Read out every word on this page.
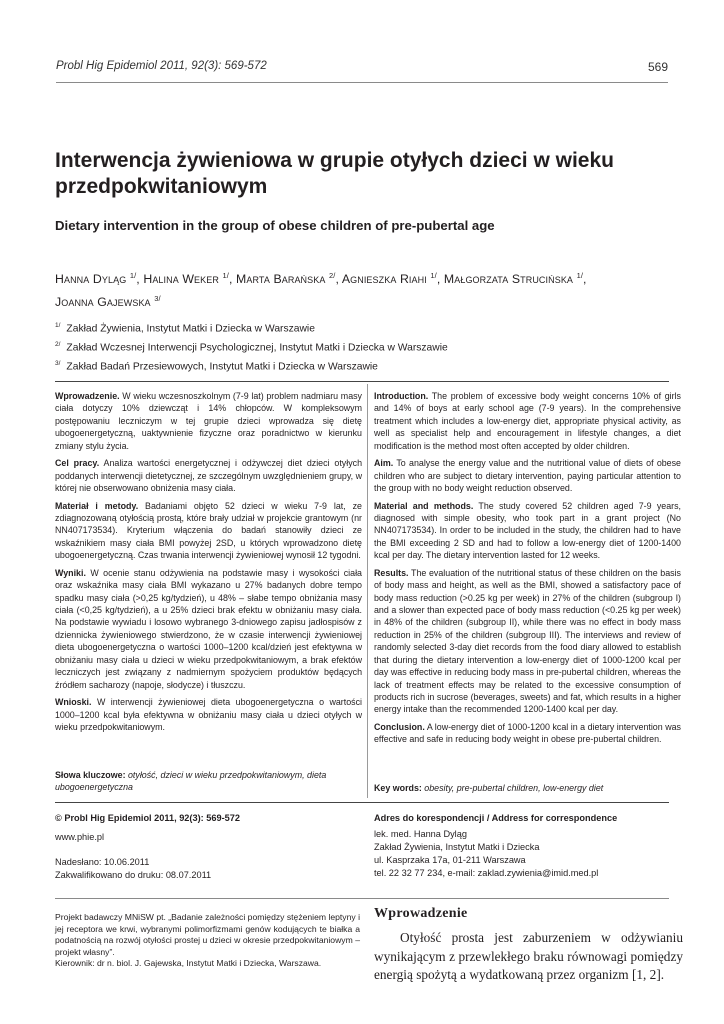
Probl Hig Epidemiol 2011, 92(3): 569-572	569
Interwencja żywieniowa w grupie otyłych dzieci w wieku przedpokwitaniowym
Dietary intervention in the group of obese children of pre-pubertal age
Hanna Dyląg $^{1/}$, Halina Weker $^{1/}$, Marta Barańska $^{2/}$, Agnieszka Riahi $^{1/}$, Małgorzata Strucińska $^{1/}$,
Joanna Gajewska $^{3/}$
$^{1/}$ Zakład Żywienia, Instytut Matki i Dziecka w Warszawie
$^{2/}$ Zakład Wczesnej Interwencji Psychologicznej, Instytut Matki i Dziecka w Warszawie
$^{3/}$ Zakład Badań Przesiewowych, Instytut Matki i Dziecka w Warszawie

Wprowadzenie. W wieku wczesnoszkolnym (7-9 lat) problem nadmiaru masy ciała dotyczy 10% dziewcząt i 14% chłopców. W kompleksowym postępowaniu leczniczym w tej grupie dzieci wprowadza się dietę ubogoenergetyczną, uaktywnienie fizyczne oraz poradnictwo w kierunku zmiany stylu życia.

Cel pracy. Analiza wartości energetycznej i odżywczej diet dzieci otyłych poddanych interwencji dietetycznej, ze szczególnym uwzględnieniem grupy, w której nie obserwowano obniżenia masy ciała.

Materiał i metody. Badaniami objęto 52 dzieci w wieku 7-9 lat, ze zdiagnozowaną otyłością prostą, które brały udział w projekcie grantowym (nr NN407173534). Kryterium włączenia do badań stanowiły dzieci ze wskaźnikiem masy ciała BMI powyżej 2SD, u których wprowadzono dietę ubogoenergetyczną. Czas trwania interwencji żywieniowej wynosił 12 tygodni.

Wyniki. W ocenie stanu odżywienia na podstawie masy i wysokości ciała oraz wskaźnika masy ciała BMI wykazano u 27% badanych dobre tempo spadku masy ciała (>0,25 kg/tydzień), u 48% – słabe tempo obniżania masy ciała (<0,25 kg/tydzień), a u 25% dzieci brak efektu w obniżaniu masy ciała. Na podstawie wywiadu i losowo wybranego 3-dniowego zapisu jadłospisów z dziennicka żywieniowego stwierdzono, że w czasie interwencji żywieniowej dieta ubogoenergetyczna o wartości 1000–1200 kcal/dzień jest efektywna w obniżaniu masy ciała u dzieci w wieku przedpokwitaniowym, a brak efektów leczniczych jest związany z nadmiernym spożyciem produktów będących źródłem sacharozy (napoje, słodycze) i tłuszczu.

Wnioski. W interwencji żywieniowej dieta ubogoenergetyczna o wartości 1000–1200 kcal była efektywna w obniżaniu masy ciała u dzieci otyłych w wieku przedpokwitaniowym.

Słowa kluczowe: otyłość, dzieci w wieku przedpokwitaniowym, dieta ubogoenergetyczna

Introduction. The problem of excessive body weight concerns 10% of girls and 14% of boys at early school age (7-9 years). In the comprehensive treatment which includes a low-energy diet, appropriate physical activity, as well as specialist help and encouragement in lifestyle changes, a diet modification is the method most often accepted by older children.

Aim. To analyse the energy value and the nutritional value of diets of obese children who are subject to dietary intervention, paying particular attention to the group with no body weight reduction observed.

Material and methods. The study covered 52 children aged 7-9 years, diagnosed with simple obesity, who took part in a grant project (No NN407173534). In order to be included in the study, the children had to have the BMI exceeding 2 SD and had to follow a low-energy diet of 1200-1400 kcal per day. The dietary intervention lasted for 12 weeks.

Results. The evaluation of the nutritional status of these children on the basis of body mass and height, as well as the BMI, showed a satisfactory pace of body mass reduction (>0.25 kg per week) in 27% of the children (subgroup I) and a slower than expected pace of body mass reduction (<0.25 kg per week) in 48% of the children (subgroup II), while there was no effect in body mass reduction in 25% of the children (subgroup III). The interviews and review of randomly selected 3-day diet records from the food diary allowed to establish that during the dietary intervention a low-energy diet of 1000-1200 kcal per day was effective in reducing body mass in pre-pubertal children, whereas the lack of treatment effects may be related to the excessive consumption of products rich in sucrose (beverages, sweets) and fat, which results in a higher energy intake than the recommended 1200-1400 kcal per day.

Conclusion. A low-energy diet of 1000-1200 kcal in a dietary intervention was effective and safe in reducing body weight in obese pre-pubertal children.

Key words: obesity, pre-pubertal children, low-energy diet
© Probl Hig Epidemiol 2011, 92(3): 569-572
www.phie.pl
Nadesłano: 10.06.2011
Zakwalifikowano do druku: 08.07.2011
Adres do korespondencji / Address for correspondence
lek. med. Hanna Dyląg
Zakład Żywienia, Instytut Matki i Dziecka
ul. Kasprzaka 17a, 01-211 Warszawa
tel. 22 32 77 234, e-mail: zaklad.zywienia@imid.med.pl
Projekt badawczy MNiSW pt. „Badanie zależności pomiędzy stężeniem leptyny i jej receptora we krwi, wybranymi polimorfizmami genów kodujących te białka a podatnością na rozwój otyłości prostej u dzieci w okresie przedpokwitaniowym – projekt własny”.
Kierownik: dr n. biol. J. Gajewska, Instytut Matki i Dziecka, Warszawa.
Wprowadzenie

Otyłość prosta jest zaburzeniem w odżywianiu wynikającym z przewlekłego braku równowagi pomiędzy energią spożytą a wydatkowaną przez organizm [1, 2].
